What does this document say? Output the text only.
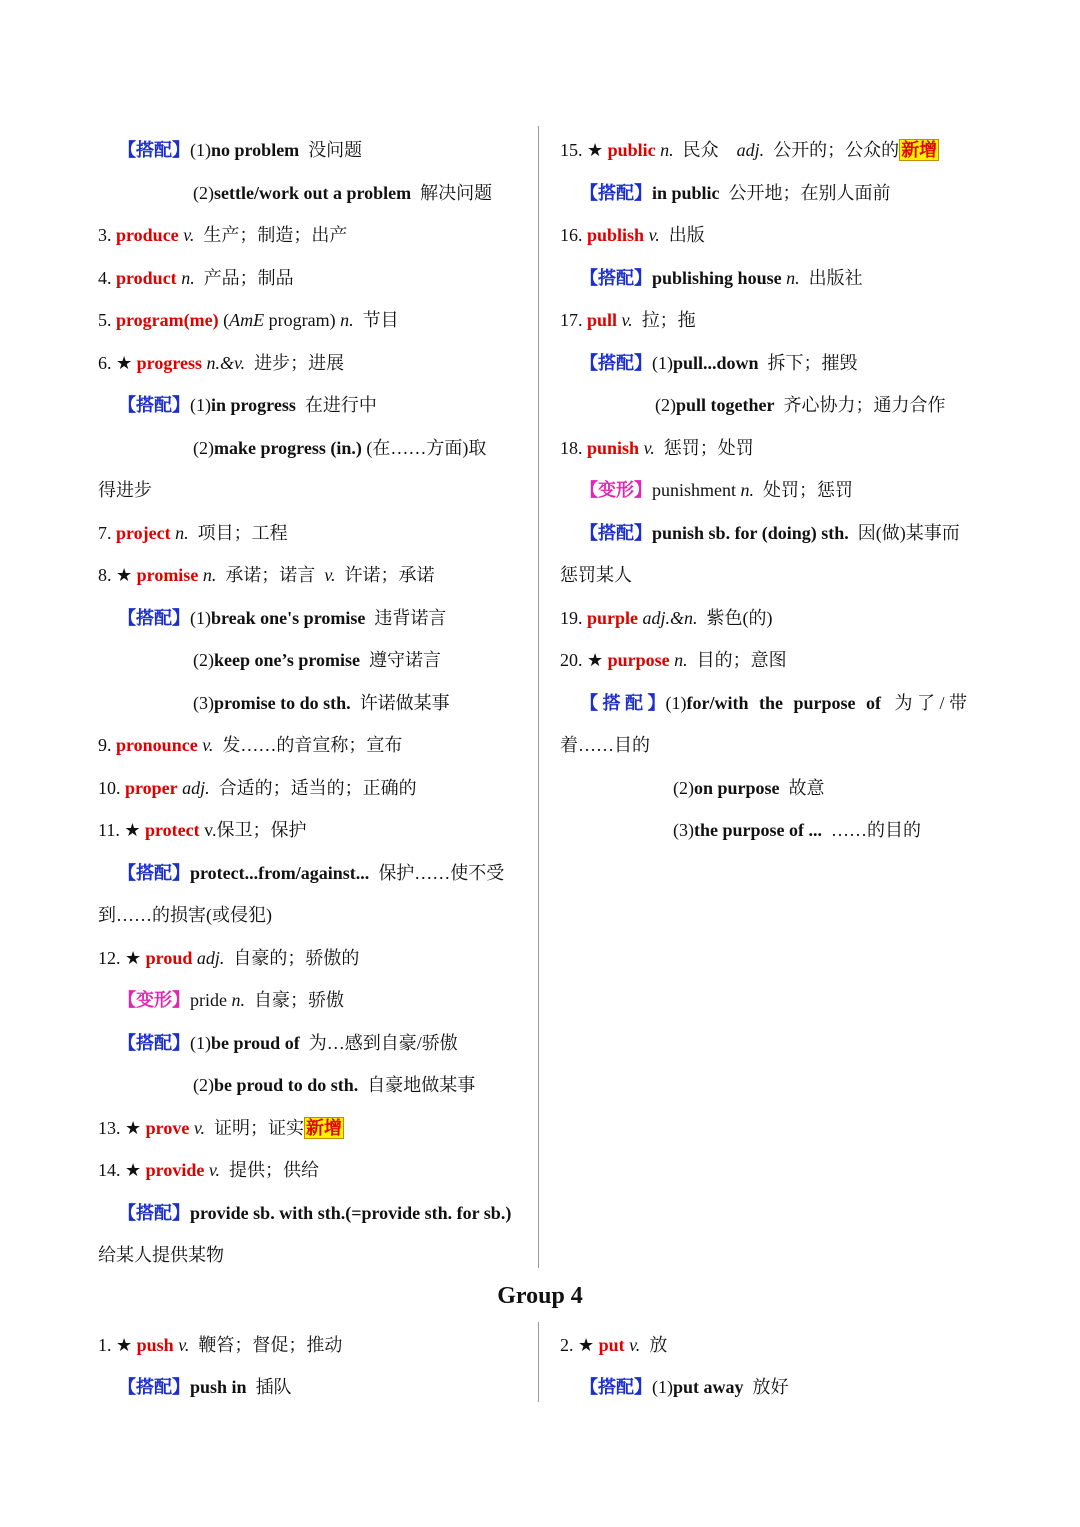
【搭配】(1)no problem 没问题
(2)settle/work out a problem 解决问题
3. produce v. 生产；制造；出产
4. product n. 产品；制品
5. program(me) (AmE program) n. 节目
6. ★ progress n.&v. 进步；进展
【搭配】(1)in progress 在进行中
(2)make progress (in.) (在……方面)取
得进步
7. project n. 项目；工程
8. ★ promise n. 承诺；诺言 v. 许诺；承诺
【搭配】(1)break one's promise 违背诺言
(2)keep one’s promise 遵守诺言
(3)promise to do sth. 许诺做某事
9. pronounce v. 发……的音宣称；宣布
10. proper adj. 合适的；适当的；正确的
11. ★ protect v.保卫；保护
【搭配】protect...from/against... 保护……使不受
到……的损害(或侵犯)
12. ★ proud adj. 自豪的；骄傲的
【变形】pride n. 自豪；骄傲
【搭配】(1)be proud of 为…感到自豪/骄傲
(2)be proud to do sth. 自豪地做某事
13. ★ prove v. 证明；证实 新增
14. ★ provide v. 提供；供给
【搭配】provide sb. with sth.(=provide sth. for sb.)
给某人提供某物
15. ★ public n. 民众 adj. 公开的；公众的 新增
【搭配】in public 公开地；在别人面前
16. publish v. 出版
【搭配】publishing house n. 出版社
17. pull v. 拉；拖
【搭配】(1)pull...down 拆下；摧毁
(2)pull together 齐心协力；通力合作
18. punish v. 惩罚；处罚
【变形】punishment n. 处罚；惩罚
【搭配】punish sb. for (doing) sth. 因(做)某事而
惩罚某人
19. purple adj.&n. 紫色(的)
20. ★ purpose n. 目的；意图
【 搭 配 】(1)for/with the purpose of 为 了 / 带
着……目的
(2)on purpose 故意
(3)the purpose of ... ……的目的
Group 4
1. ★ push v. 鞭笞；督促；推动
【搭配】push in 插队
2. ★ put v. 放
【搭配】(1)put away 放好
